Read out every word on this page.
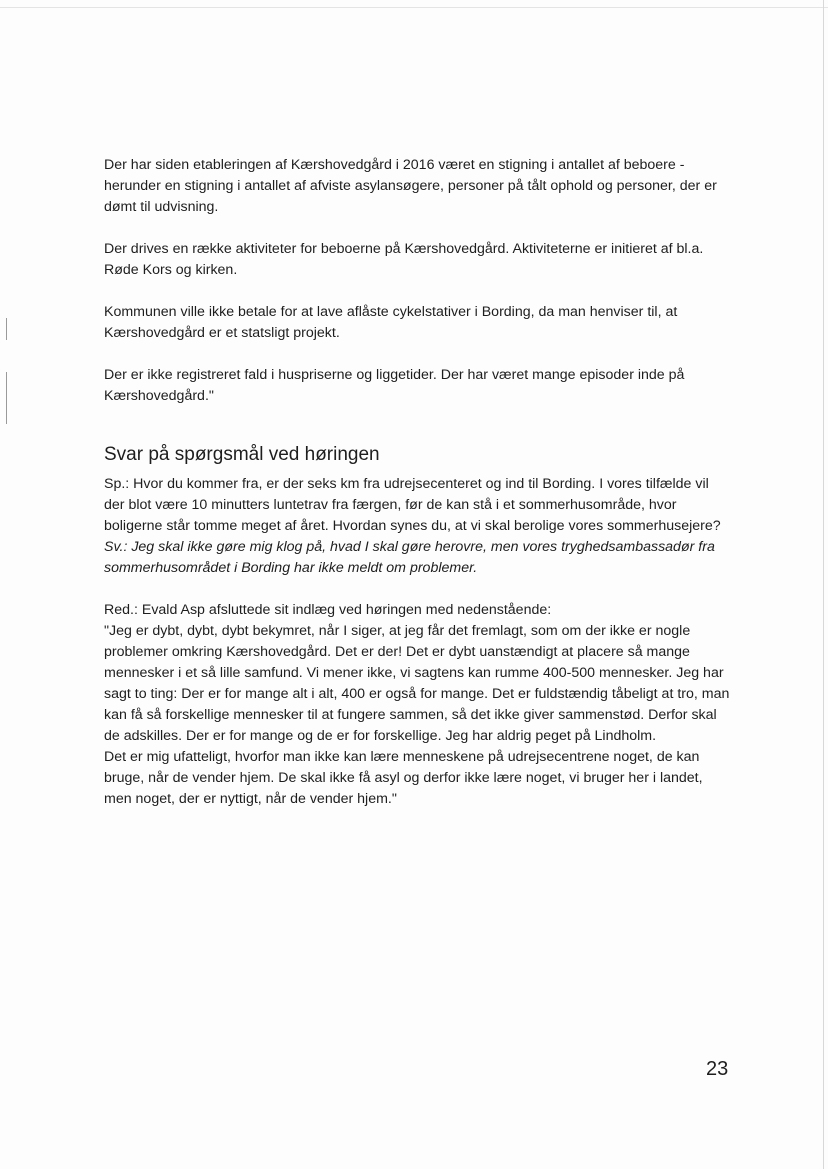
Der har siden etableringen af Kærshovedgård i 2016 været en stigning i antallet af beboere - herunder en stigning i antallet af afviste asylansøgere, personer på tålt ophold og personer, der er dømt til udvisning.

Der drives en række aktiviteter for beboerne på Kærshovedgård. Aktiviteterne er initieret af bl.a. Røde Kors og kirken.

Kommunen ville ikke betale for at lave aflåste cykelstativer i Bording, da man henviser til, at Kærshovedgård er et statsligt projekt.

Der er ikke registreret fald i huspriserne og liggetider. Der har været mange episoder inde på Kærshovedgård."

Svar på spørgsmål ved høringen

Sp.: Hvor du kommer fra, er der seks km fra udrejsecenteret og ind til Bording. I vores tilfælde vil der blot være 10 minutters luntetrav fra færgen, før de kan stå i et sommerhusområde, hvor boligerne står tomme meget af året. Hvordan synes du, at vi skal berolige vores sommerhusejere?

Sv.: Jeg skal ikke gøre mig klog på, hvad I skal gøre herovre, men vores tryghedsambassadør fra sommerhusområdet i Bording har ikke meldt om problemer.

Red.: Evald Asp afsluttede sit indlæg ved høringen med nedenstående:

"Jeg er dybt, dybt, dybt bekymret, når I siger, at jeg får det fremlagt, som om der ikke er nogle problemer omkring Kærshovedgård. Det er der! Det er dybt uanstændigt at placere så mange mennesker i et så lille samfund. Vi mener ikke, vi sagtens kan rumme 400-500 mennesker. Jeg har sagt to ting: Der er for mange alt i alt, 400 er også for mange. Det er fuldstændig tåbeligt at tro, man kan få så forskellige mennesker til at fungere sammen, så det ikke giver sammenstød. Derfor skal de adskilles. Der er for mange og de er for forskellige. Jeg har aldrig peget på Lindholm.

Det er mig ufatteligt, hvorfor man ikke kan lære menneskene på udrejsecentrene noget, de kan bruge, når de vender hjem. De skal ikke få asyl og derfor ikke lære noget, vi bruger her i landet, men noget, der er nyttigt, når de vender hjem."

23
